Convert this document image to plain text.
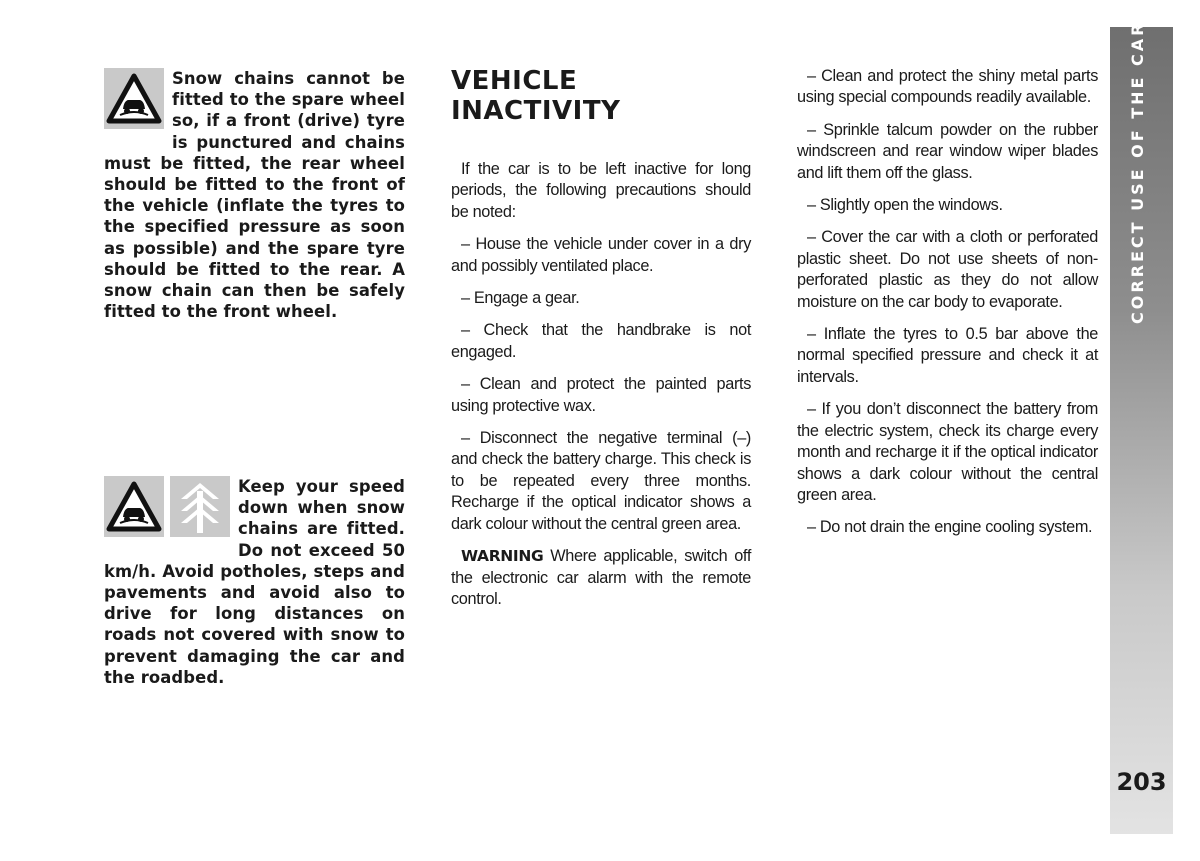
Snow chains cannot be fitted to the spare wheel so, if a front (drive) tyre is punctured and chains must be fitted, the rear wheel should be fitted to the front of the vehicle (inflate the tyres to the specified pressure as soon as possible) and the spare tyre should be fitted to the rear. A snow chain can then be safely fitted to the front wheel.
Keep your speed down when snow chains are fitted. Do not exceed 50 km/h. Avoid potholes, steps and pavements and avoid also to drive for long distances on roads not covered with snow to prevent damaging the car and the roadbed.
VEHICLE INACTIVITY

If the car is to be left inactive for long periods, the following precautions should be noted:

– House the vehicle under cover in a dry and possibly ventilated place.

– Engage a gear.

– Check that the handbrake is not engaged.

– Clean and protect the painted parts using protective wax.

– Disconnect the negative terminal (–) and check the battery charge. This check is to be repeated every three months. Recharge if the optical indicator shows a dark colour without the central green area.

WARNING Where applicable, switch off the electronic car alarm with the remote control.

– Clean and protect the shiny metal parts using special compounds readily available.

– Sprinkle talcum powder on the rubber windscreen and rear window wiper blades and lift them off the glass.

– Slightly open the windows.

– Cover the car with a cloth or perforated plastic sheet. Do not use sheets of non-perforated plastic as they do not allow moisture on the car body to evaporate.

– Inflate the tyres to 0.5 bar above the normal specified pressure and check it at intervals.

– If you don’t disconnect the battery from the electric system, check its charge every month and recharge it if the optical indicator shows a dark colour without the central green area.

– Do not drain the engine cooling system.

CORRECT USE OF THE CAR
203
